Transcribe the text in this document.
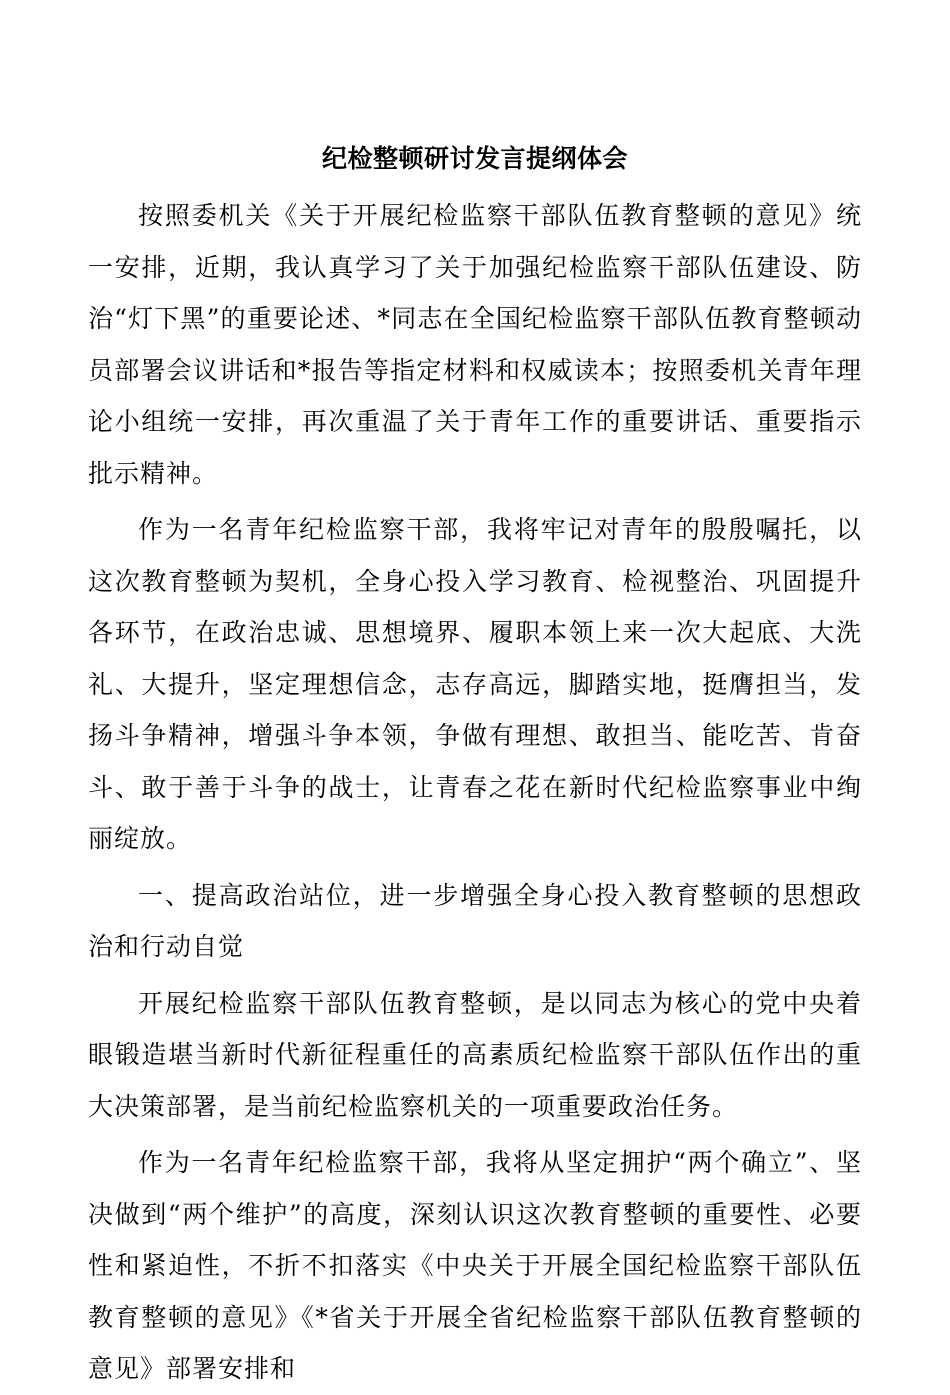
纪检整顿研讨发言提纲体会

按照委机关《关于开展纪检监察干部队伍教育整顿的意见》统一安排，近期，我认真学习了关于加强纪检监察干部队伍建设、防治“灯下黑”的重要论述、*同志在全国纪检监察干部队伍教育整顿动员部署会议讲话和*报告等指定材料和权威读本；按照委机关青年理论小组统一安排，再次重温了关于青年工作的重要讲话、重要指示批示精神。

作为一名青年纪检监察干部，我将牢记对青年的殷殷嘱托，以这次教育整顿为契机，全身心投入学习教育、检视整治、巩固提升各环节，在政治忠诚、思想境界、履职本领上来一次大起底、大洗礼、大提升，坚定理想信念，志存高远，脚踏实地，挺膺担当，发扬斗争精神，增强斗争本领，争做有理想、敢担当、能吃苦、肯奋斗、敢于善于斗争的战士，让青春之花在新时代纪检监察事业中绚丽绽放。

一、提高政治站位，进一步增强全身心投入教育整顿的思想政治和行动自觉

开展纪检监察干部队伍教育整顿，是以同志为核心的党中央着眼锻造堪当新时代新征程重任的高素质纪检监察干部队伍作出的重大决策部署，是当前纪检监察机关的一项重要政治任务。

作为一名青年纪检监察干部，我将从坚定拥护“两个确立”、坚决做到“两个维护”的高度，深刻认识这次教育整顿的重要性、必要性和紧迫性，不折不扣落实《中央关于开展全国纪检监察干部队伍教育整顿的意见》《*省关于开展全省纪检监察干部队伍教育整顿的意见》部署安排和
